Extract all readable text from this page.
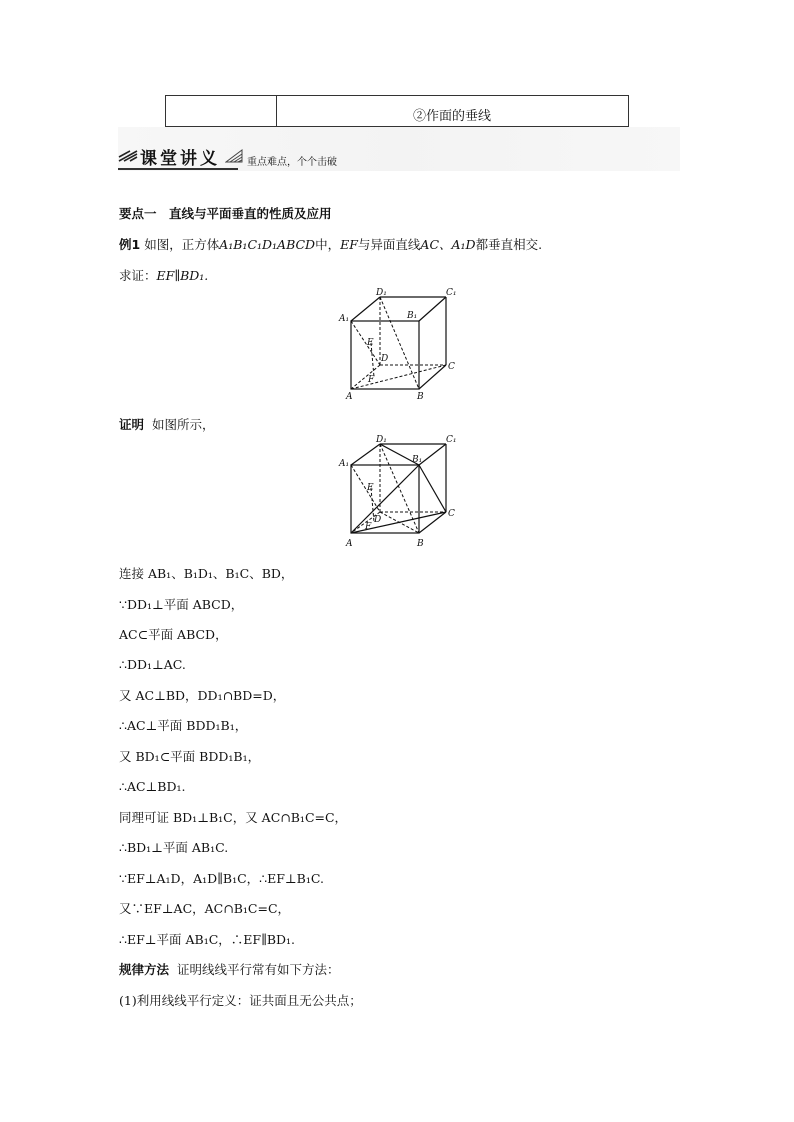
②作面的垂线
课堂讲义	重点难点，个个击破
要点一　直线与平面垂直的性质及应用
例1 如图，正方体A₁B₁C₁D₁ABCD中，EF与异面直线AC、A₁D都垂直相交.
求证：EF∥BD₁.
D₁	C₁
A₁	B₁
E
D
C
F
A	B
证明 如图所示，
D₁	C₁
A₁	B₁
E
D
C
F
A	B
连接 AB₁、B₁D₁、B₁C、BD，
∵DD₁⊥平面 ABCD，
AC⊂平面 ABCD，
∴DD₁⊥AC.
又 AC⊥BD，DD₁∩BD=D，
∴AC⊥平面 BDD₁B₁，
又 BD₁⊂平面 BDD₁B₁，
∴AC⊥BD₁.
同理可证 BD₁⊥B₁C，又 AC∩B₁C=C，
∴BD₁⊥平面 AB₁C.
∵EF⊥A₁D，A₁D∥B₁C，∴EF⊥B₁C.
又∵EF⊥AC，AC∩B₁C=C，
∴EF⊥平面 AB₁C，∴EF∥BD₁.
规律方法 证明线线平行常有如下方法：
(1)利用线线平行定义：证共面且无公共点；
